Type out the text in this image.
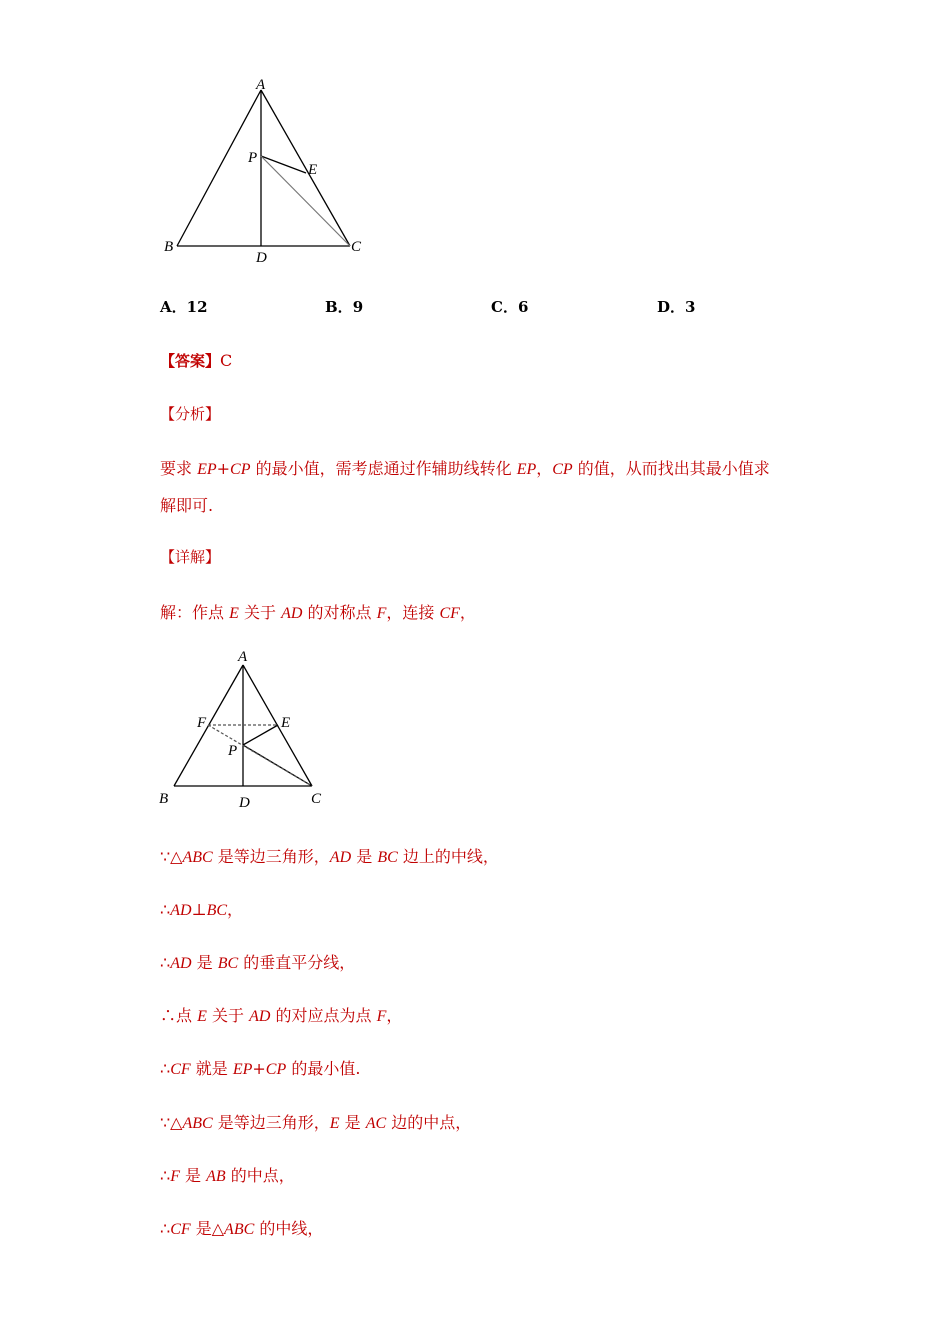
A
P
E
B	C
D
A．12	B．9	C．6	D．3
【答案】C
【分析】
要求 EP+CP 的最小值，需考虑通过作辅助线转化 EP，CP 的值，从而找出其最小值求
解即可.
【详解】
解：作点 E 关于 AD 的对称点 F，连接 CF，
A
F	E
P
B	D	C
∵△ABC 是等边三角形，AD 是 BC 边上的中线，
∴AD⊥BC，
∴AD 是 BC 的垂直平分线，
∴点 E 关于 AD 的对应点为点 F，
∴CF 就是 EP+CP 的最小值.
∵△ABC 是等边三角形，E 是 AC 边的中点，
∴F 是 AB 的中点，
∴CF 是△ABC 的中线，
